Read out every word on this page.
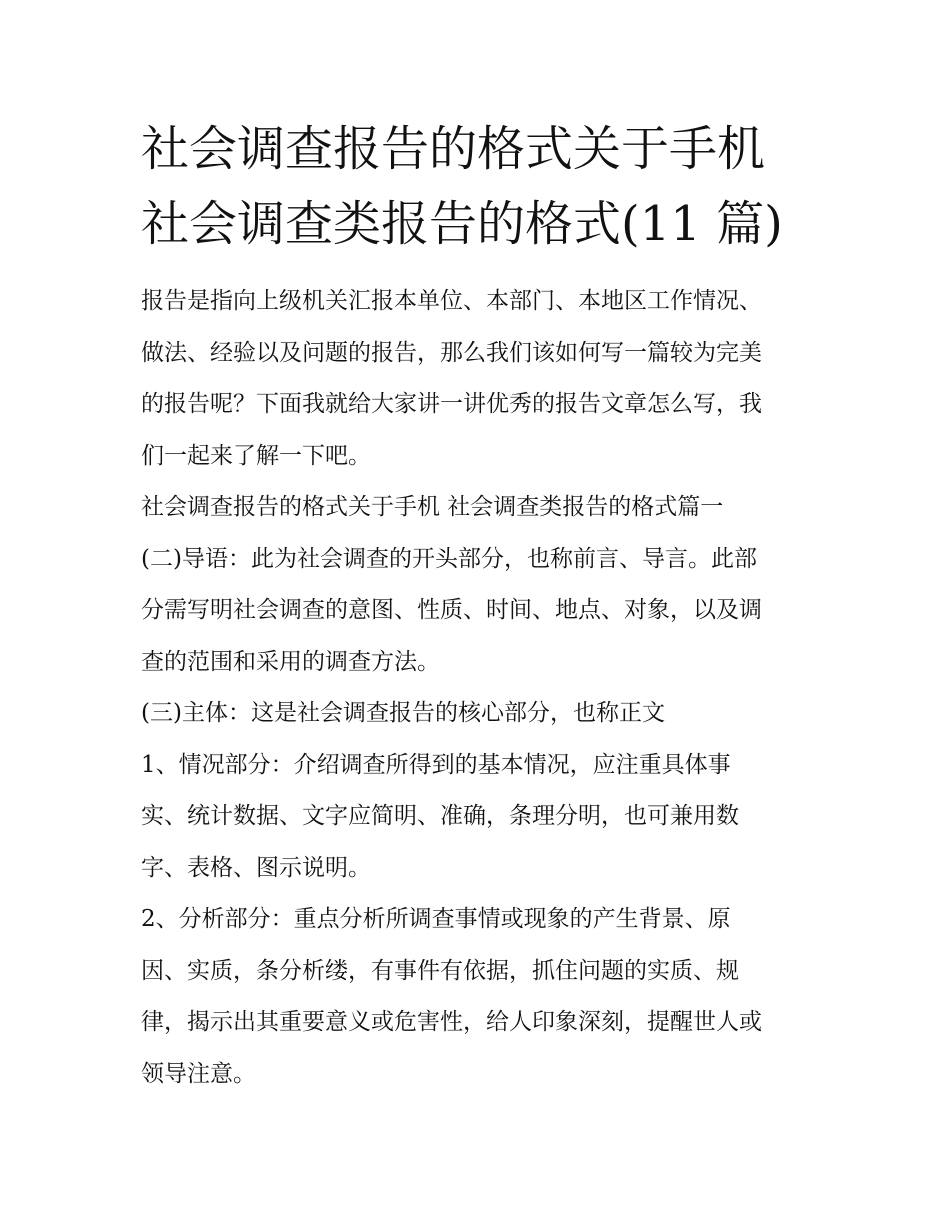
社会调查报告的格式关于手机
社会调查类报告的格式(11 篇)
报告是指向上级机关汇报本单位、本部门、本地区工作情况、
做法、经验以及问题的报告，那么我们该如何写一篇较为完美
的报告呢？下面我就给大家讲一讲优秀的报告文章怎么写，我
们一起来了解一下吧。
社会调查报告的格式关于手机 社会调查类报告的格式篇一
(二)导语：此为社会调查的开头部分，也称前言、导言。此部
分需写明社会调查的意图、性质、时间、地点、对象，以及调
查的范围和采用的调查方法。
(三)主体：这是社会调查报告的核心部分，也称正文
1、情况部分：介绍调查所得到的基本情况，应注重具体事
实、统计数据、文字应简明、准确，条理分明，也可兼用数
字、表格、图示说明。
2、分析部分：重点分析所调查事情或现象的产生背景、原
因、实质，条分析缕，有事件有依据，抓住问题的实质、规
律，揭示出其重要意义或危害性，给人印象深刻，提醒世人或
领导注意。
